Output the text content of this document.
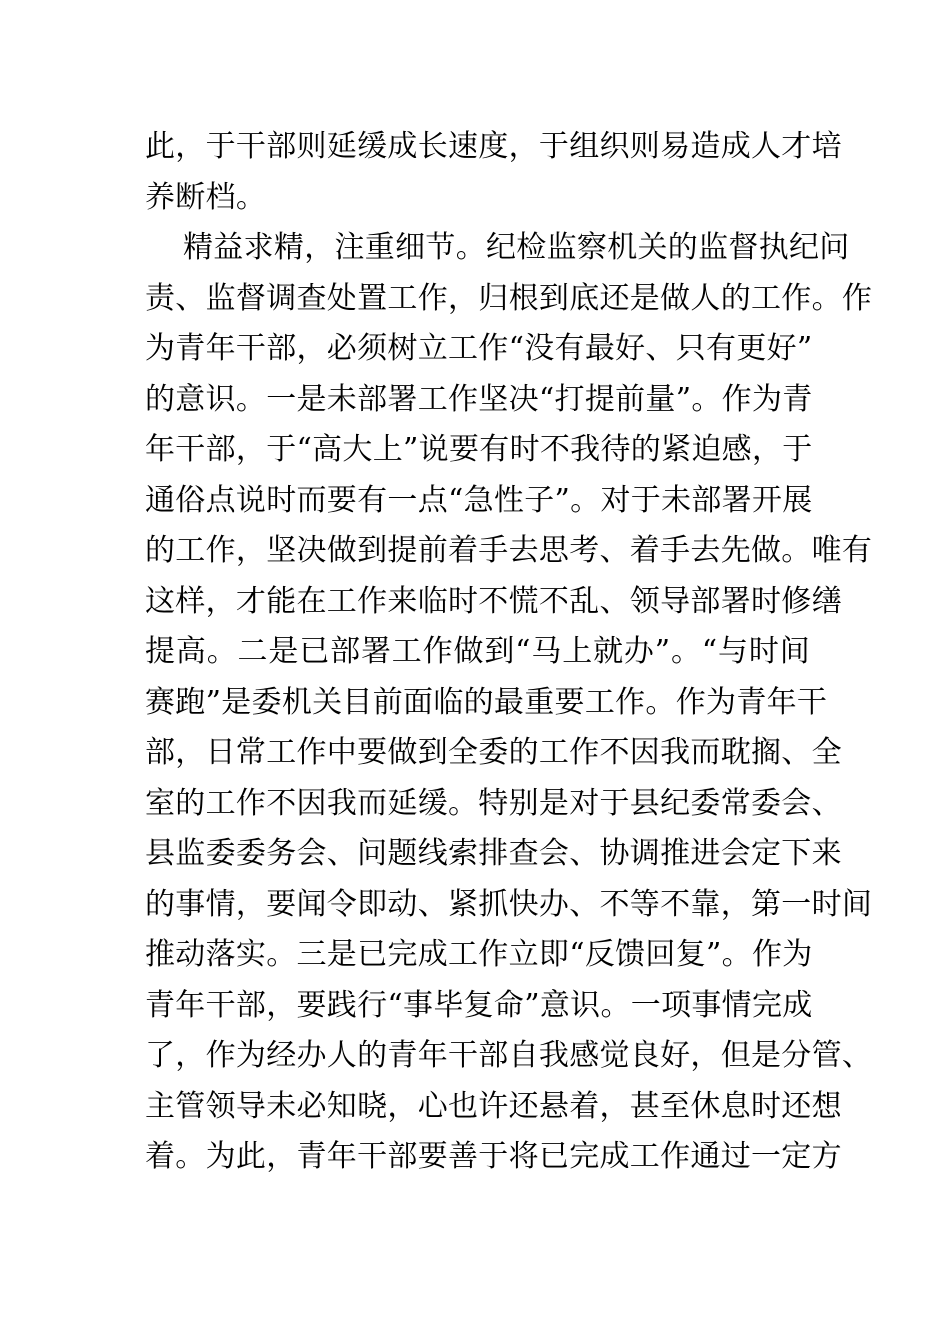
此，于干部则延缓成长速度，于组织则易造成人才培
养断档。
精益求精，注重细节。纪检监察机关的监督执纪问
责、监督调查处置工作，归根到底还是做人的工作。作
为青年干部，必须树立工作“没有最好、只有更好”
的意识。一是未部署工作坚决“打提前量”。作为青
年干部，于“高大上”说要有时不我待的紧迫感，于
通俗点说时而要有一点“急性子”。对于未部署开展
的工作，坚决做到提前着手去思考、着手去先做。唯有
这样，才能在工作来临时不慌不乱、领导部署时修缮
提高。二是已部署工作做到“马上就办”。“与时间
赛跑”是委机关目前面临的最重要工作。作为青年干
部，日常工作中要做到全委的工作不因我而耽搁、全
室的工作不因我而延缓。特别是对于县纪委常委会、
县监委委务会、问题线索排查会、协调推进会定下来
的事情，要闻令即动、紧抓快办、不等不靠，第一时间
推动落实。三是已完成工作立即“反馈回复”。作为
青年干部，要践行“事毕复命”意识。一项事情完成
了，作为经办人的青年干部自我感觉良好，但是分管、
主管领导未必知晓，心也许还悬着，甚至休息时还想
着。为此，青年干部要善于将已完成工作通过一定方
